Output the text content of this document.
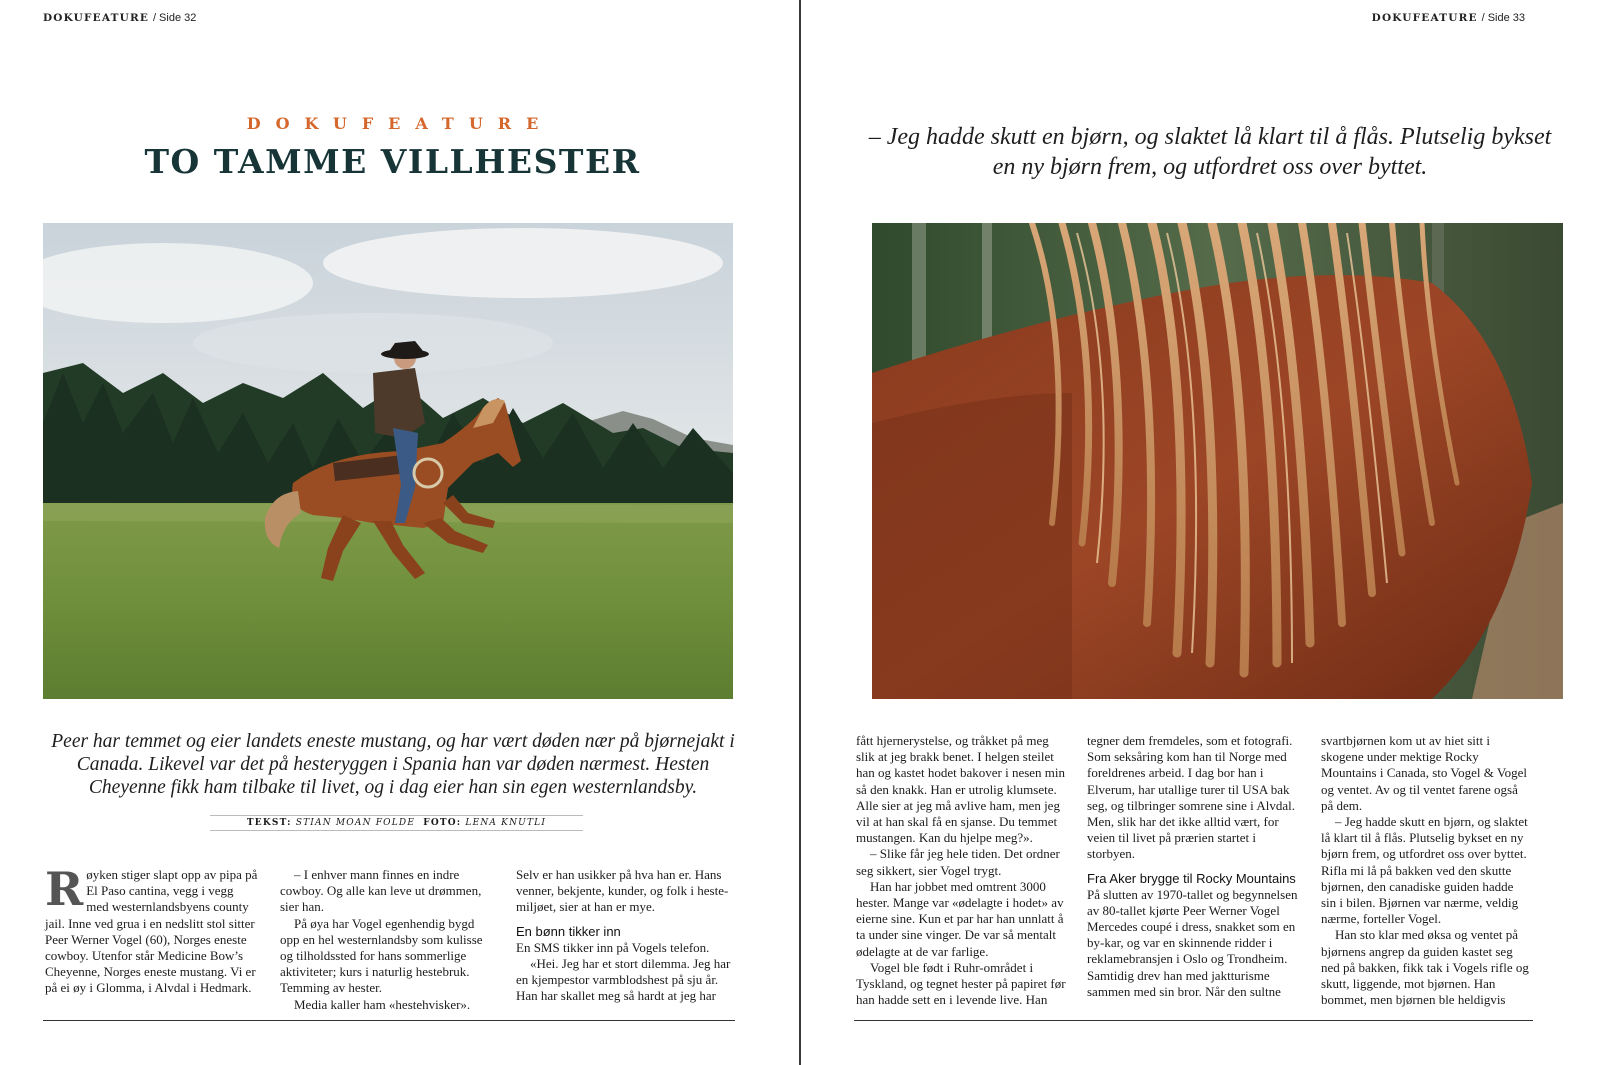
DOKUFEATURE / Side 32
DOKUFEATURE
TO TAMME VILLHESTER
Peer har temmet og eier landets eneste mustang, og har vært døden nær på bjørnejakt i Canada. Likevel var det på hesteryggen i Spania han var døden nærmest. Hesten Cheyenne fikk ham tilbake til livet, og i dag eier han sin egen westernlandsby.
TEKST: STIAN MOAN FOLDE FOTO: LENA KNUTLI
R øyken stiger slapt opp av pipa på El Paso cantina, vegg i vegg med westernlandsbyens county jail. Inne ved grua i en nedslitt stol sitter Peer Werner Vogel (60), Norges eneste cowboy. Utenfor står Medicine Bow’s Cheyenne, Norges eneste mustang. Vi er på ei øy i Glomma, i Alvdal i Hedmark.

– I enhver mann finnes en indre cowboy. Og alle kan leve ut drømmen, sier han.

På øya har Vogel egenhendig bygd opp en hel westernlandsby som kulisse og tilholdssted for hans sommerlige aktiviteter; kurs i naturlig hestebruk. Temming av hester.

Media kaller ham «hestehvisker».

Selv er han usikker på hva han er. Hans venner, bekjente, kunder, og folk i heste-miljøet, sier at han er mye.

En bønn tikker inn

En SMS tikker inn på Vogels telefon.

«Hei. Jeg har et stort dilemma. Jeg har en kjempestor varmblodshest på sju år. Han har skallet meg så hardt at jeg har

DOKUFEATURE / Side 33
– Jeg hadde skutt en bjørn, og slaktet lå klart til å flås. Plutselig bykset en ny bjørn frem, og utfordret oss over byttet.

fått hjernerystelse, og tråkket på meg slik at jeg brakk benet. I helgen steilet han og kastet hodet bakover i nesen min så den knakk. Han er utrolig klumsete. Alle sier at jeg må avlive ham, men jeg vil at han skal få en sjanse. Du temmet mustangen. Kan du hjelpe meg?».

– Slike får jeg hele tiden. Det ordner seg sikkert, sier Vogel trygt.

Han har jobbet med omtrent 3000 hester. Mange var «ødelagte i hodet» av eierne sine. Kun et par har han unnlatt å ta under sine vinger. De var så mentalt ødelagte at de var farlige.

Vogel ble født i Ruhr-området i Tyskland, og tegnet hester på papiret før han hadde sett en i levende live. Han

tegner dem fremdeles, som et fotografi. Som seksåring kom han til Norge med foreldrenes arbeid. I dag bor han i Elverum, har utallige turer til USA bak seg, og tilbringer somrene sine i Alvdal. Men, slik har det ikke alltid vært, for veien til livet på prærien startet i storbyen.

Fra Aker brygge til Rocky Mountains

På slutten av 1970-tallet og begynnelsen av 80-tallet kjørte Peer Werner Vogel Mercedes coupé i dress, snakket som en by-kar, og var en skinnende ridder i reklamebransjen i Oslo og Trondheim. Samtidig drev han med jaktturisme sammen med sin bror. Når den sultne

svartbjørnen kom ut av hiet sitt i skogene under mektige Rocky Mountains i Canada, sto Vogel & Vogel og ventet. Av og til ventet farene også på dem.

– Jeg hadde skutt en bjørn, og slaktet lå klart til å flås. Plutselig bykset en ny bjørn frem, og utfordret oss over byttet. Rifla mi lå på bakken ved den skutte bjørnen, den canadiske guiden hadde sin i bilen. Bjørnen var nærme, veldig nærme, forteller Vogel.

Han sto klar med øksa og ventet på bjørnens angrep da guiden kastet seg ned på bakken, fikk tak i Vogels rifle og skutt, liggende, mot bjørnen. Han bommet, men bjørnen ble heldigvis
